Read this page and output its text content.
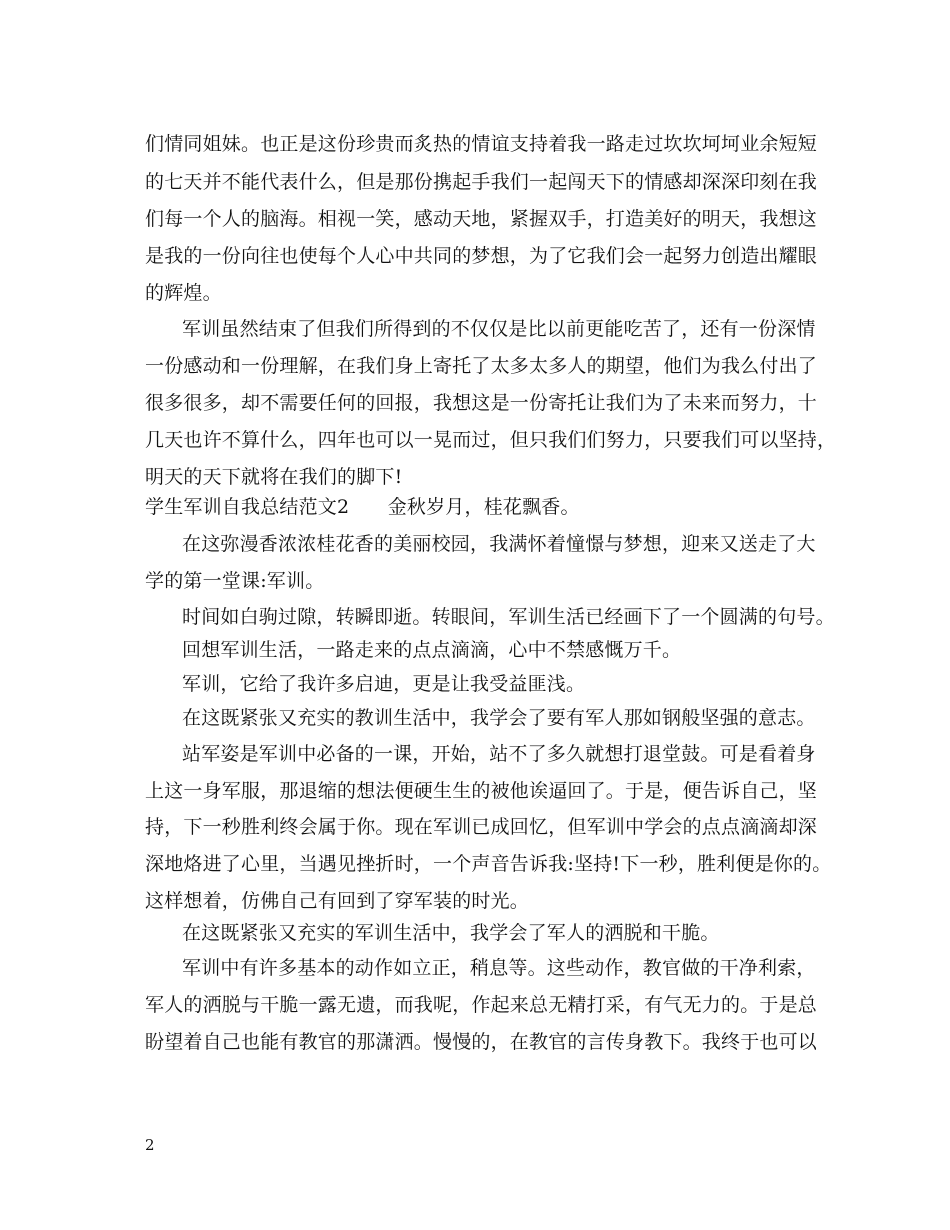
们情同姐妹。也正是这份珍贵而炙热的情谊支持着我一路走过坎坎坷坷业余短短
的七天并不能代表什么，但是那份携起手我们一起闯天下的情感却深深印刻在我
们每一个人的脑海。相视一笑，感动天地，紧握双手，打造美好的明天，我想这
是我的一份向往也使每个人心中共同的梦想，为了它我们会一起努力创造出耀眼
的辉煌。
军训虽然结束了但我们所得到的不仅仅是比以前更能吃苦了，还有一份深情
一份感动和一份理解，在我们身上寄托了太多太多人的期望，他们为我么付出了
很多很多，却不需要任何的回报，我想这是一份寄托让我们为了未来而努力，十
几天也许不算什么，四年也可以一晃而过，但只我们们努力，只要我们可以坚持，
明天的天下就将在我们的脚下!
学生军训自我总结范文2　　金秋岁月，桂花飘香。
在这弥漫香浓浓桂花香的美丽校园，我满怀着憧憬与梦想，迎来又送走了大
学的第一堂课:军训。
时间如白驹过隙，转瞬即逝。转眼间，军训生活已经画下了一个圆满的句号。
回想军训生活，一路走来的点点滴滴，心中不禁感慨万千。
军训，它给了我许多启迪，更是让我受益匪浅。
在这既紧张又充实的教训生活中，我学会了要有军人那如钢般坚强的意志。
站军姿是军训中必备的一课，开始，站不了多久就想打退堂鼓。可是看着身
上这一身军服，那退缩的想法便硬生生的被他诶逼回了。于是，便告诉自己，坚
持，下一秒胜利终会属于你。现在军训已成回忆，但军训中学会的点点滴滴却深
深地烙进了心里，当遇见挫折时，一个声音告诉我:坚持!下一秒，胜利便是你的。
这样想着，仿佛自己有回到了穿军装的时光。
在这既紧张又充实的军训生活中，我学会了军人的洒脱和干脆。
军训中有许多基本的动作如立正，稍息等。这些动作，教官做的干净利索，
军人的洒脱与干脆一露无遗，而我呢，作起来总无精打采，有气无力的。于是总
盼望着自己也能有教官的那潇洒。慢慢的，在教官的言传身教下。我终于也可以
2
